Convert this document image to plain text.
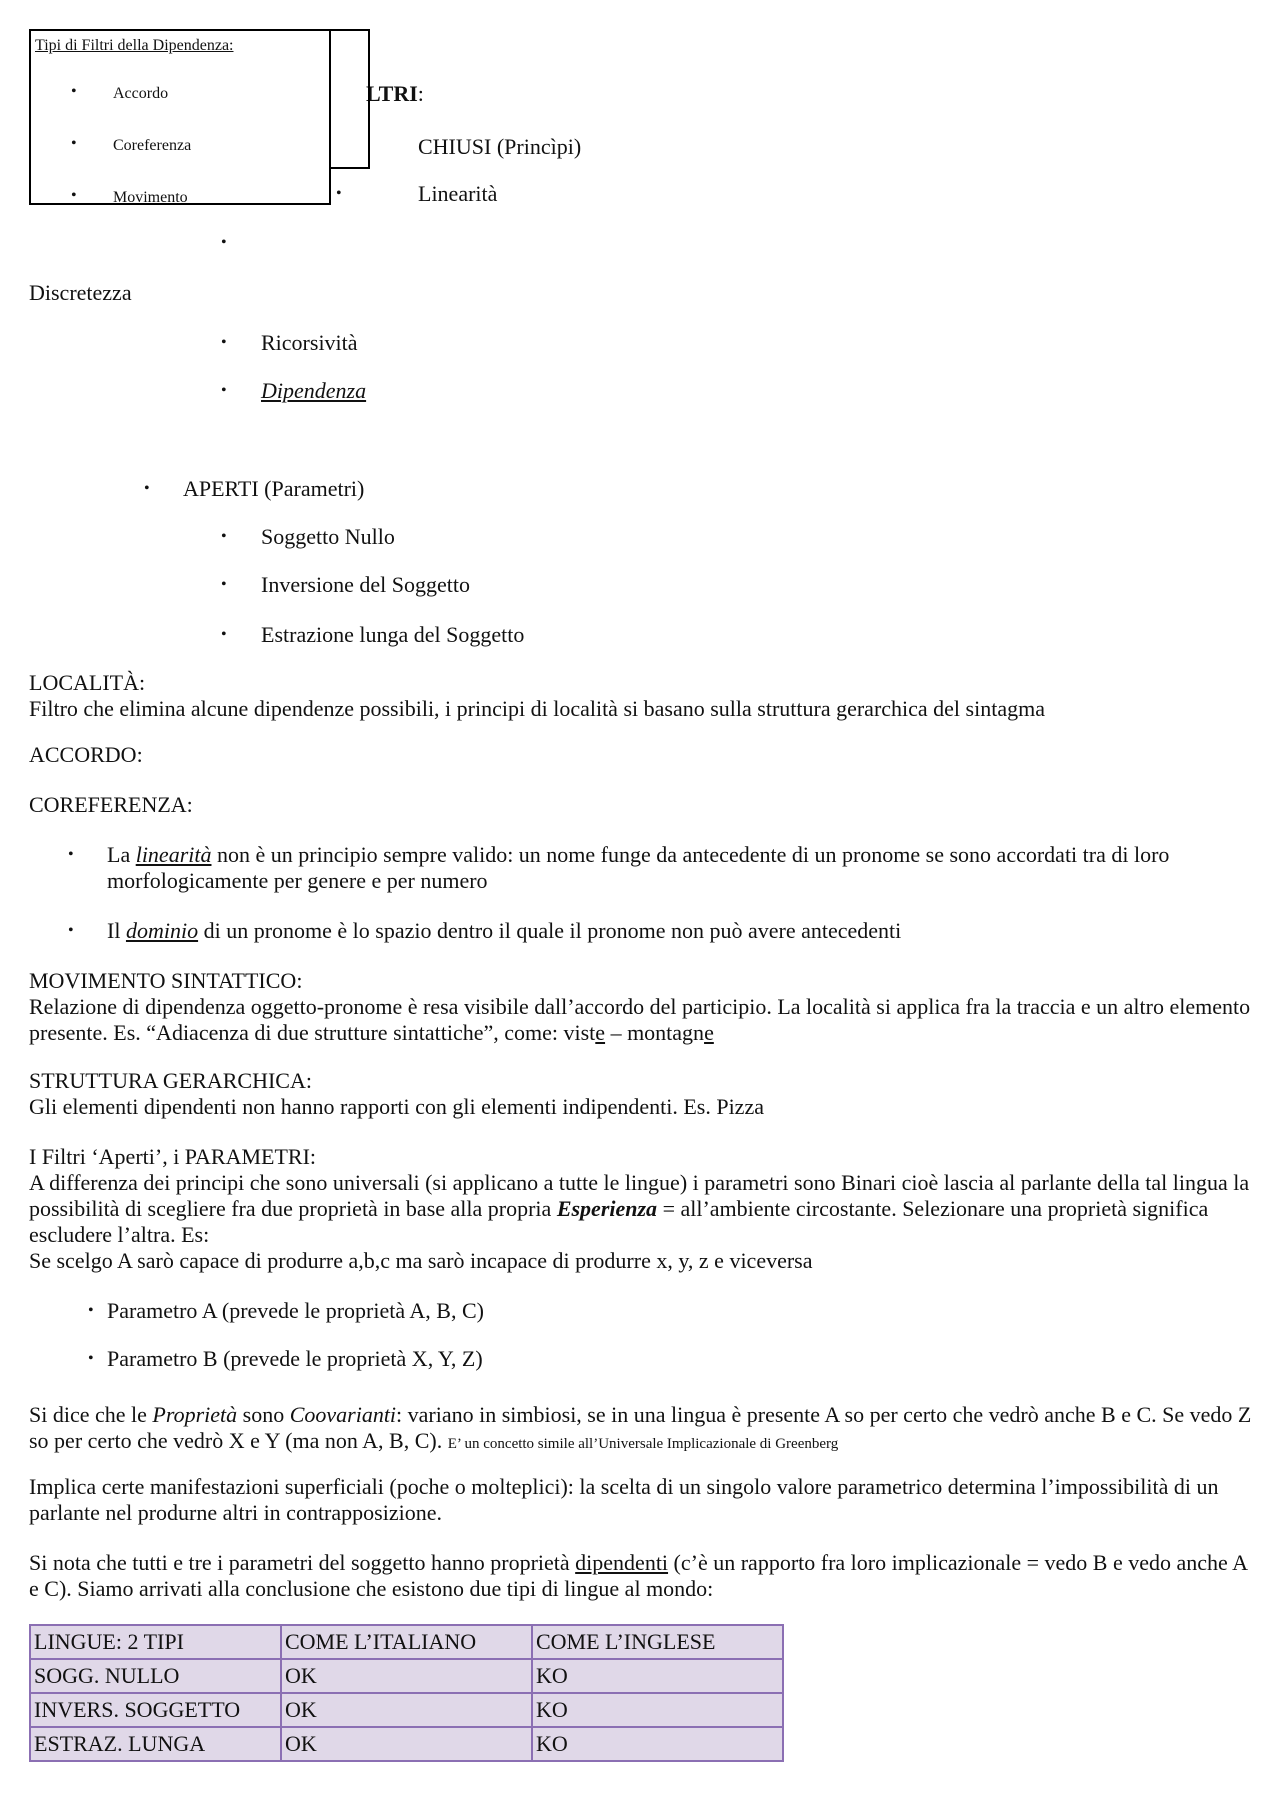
LTRI:
CHIUSI (Princìpi)
•	Linearità
•
Discretezza
• Ricorsività
• Dipendenza
• APERTI (Parametri)
• Soggetto Nullo
• Inversione del Soggetto
• Estrazione lunga del Soggetto
Tipi di Filtri della Dipendenza:
• Accordo
• Coreferenza
• Movimento
LOCALITÀ:
Filtro che elimina alcune dipendenze possibili, i principi di località si basano sulla struttura gerarchica del sintagma
ACCORDO:
COREFERENZA:
• La linearità non è un principio sempre valido: un nome funge da antecedente di un pronome se sono accordati tra di loro morfologicamente per genere e per numero
• Il dominio di un pronome è lo spazio dentro il quale il pronome non può avere antecedenti
MOVIMENTO SINTATTICO:
Relazione di dipendenza oggetto-pronome è resa visibile dall’accordo del participio. La località si applica fra la traccia e un altro elemento presente. Es. “Adiacenza di due strutture sintattiche”, come: viste – montagne
STRUTTURA GERARCHICA:
Gli elementi dipendenti non hanno rapporti con gli elementi indipendenti. Es. Pizza
I Filtri ‘Aperti’, i PARAMETRI:
A differenza dei principi che sono universali (si applicano a tutte le lingue) i parametri sono Binari cioè lascia al parlante della tal lingua la possibilità di scegliere fra due proprietà in base alla propria Esperienza = all’ambiente circostante. Selezionare una proprietà significa escludere l’altra. Es:
Se scelgo A sarò capace di produrre a,b,c ma sarò incapace di produrre x, y, z e viceversa
• Parametro A (prevede le proprietà A, B, C)
• Parametro B (prevede le proprietà X, Y, Z)
Si dice che le Proprietà sono Coovarianti: variano in simbiosi, se in una lingua è presente A so per certo che vedrò anche B e C. Se vedo Z so per certo che vedrò X e Y (ma non A, B, C). E’ un concetto simile all’Universale Implicazionale di Greenberg
Implica certe manifestazioni superficiali (poche o molteplici): la scelta di un singolo valore parametrico determina l’impossibilità di un parlante nel produrne altri in contrapposizione.
Si nota che tutti e tre i parametri del soggetto hanno proprietà dipendenti (c’è un rapporto fra loro implicazionale = vedo B e vedo anche A e C). Siamo arrivati alla conclusione che esistono due tipi di lingue al mondo:
LINGUE: 2 TIPI	COME L’ITALIANO	COME L’INGLESE
SOGG. NULLO	OK	KO
INVERS. SOGGETTO	OK	KO
ESTRAZ. LUNGA	OK	KO
